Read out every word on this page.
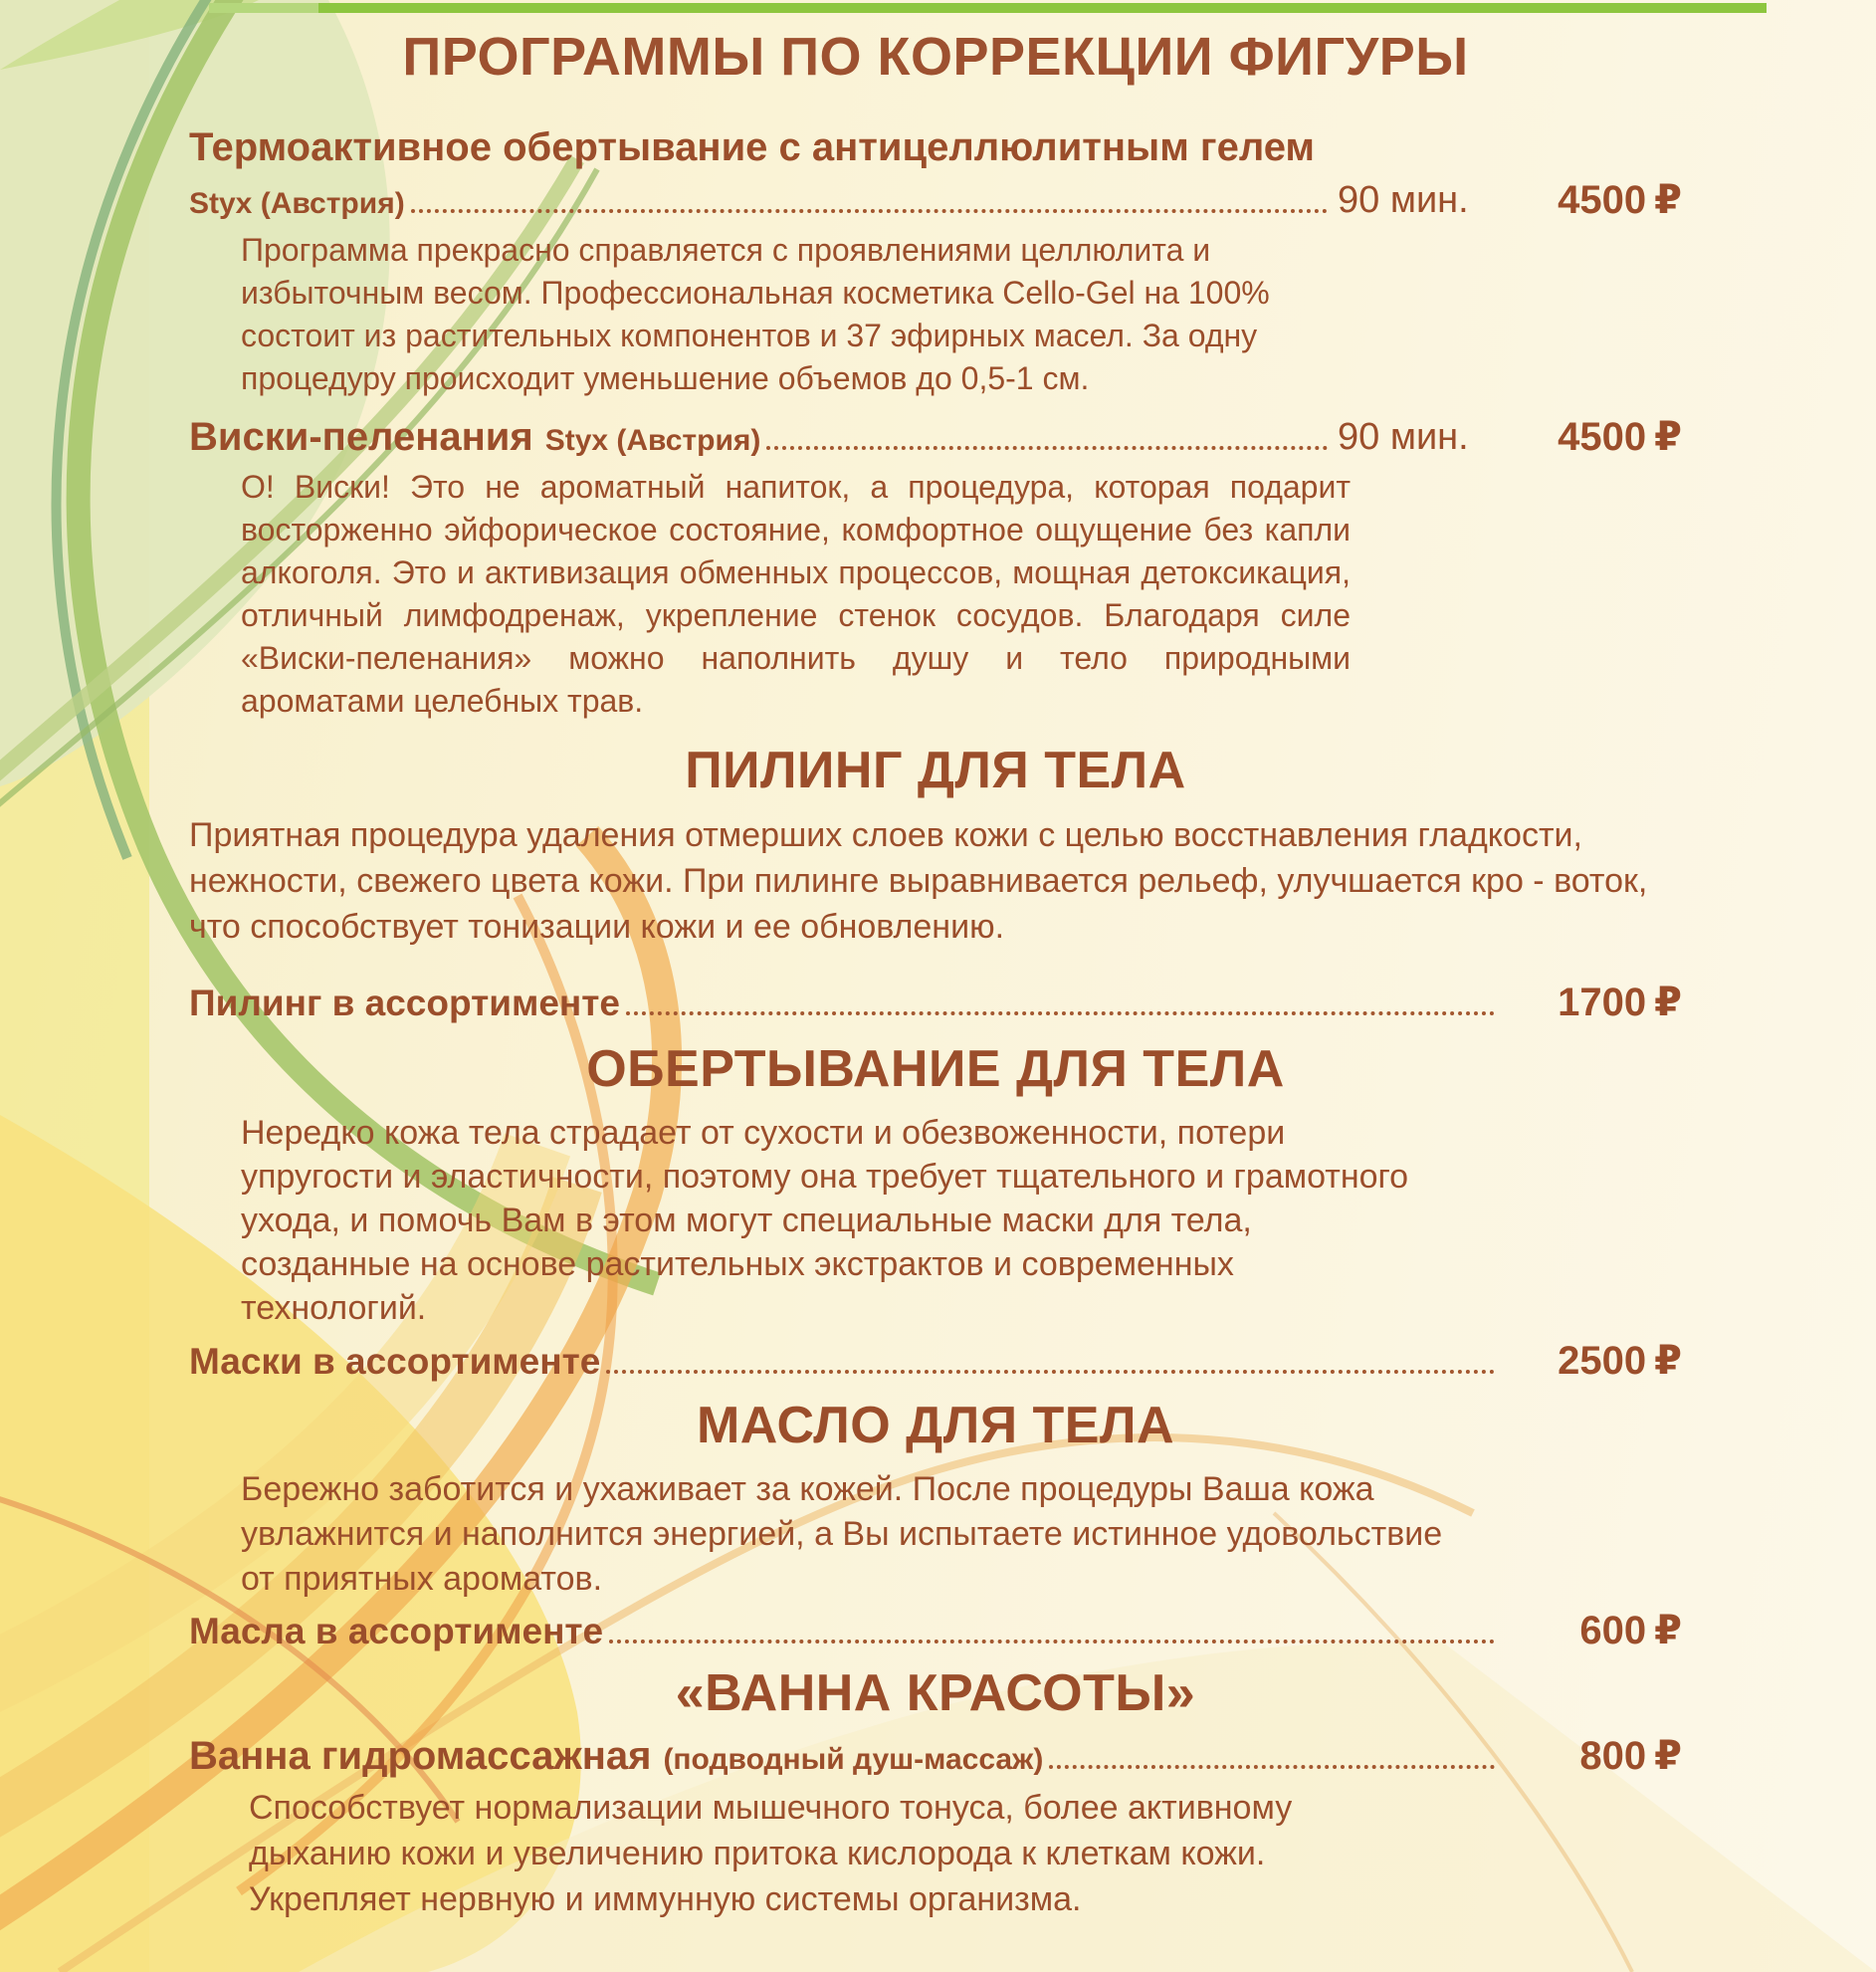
ПРОГРАММЫ ПО КОРРЕКЦИИ ФИГУРЫ
Термоактивное обертывание с антицеллюлитным гелем
Styx (Австрия)	90 мин.	4500 ₽
Программа прекрасно справляется с проявлениями целлюлита и избыточным весом. Профессиональная косметика Cello-Gel на 100% состоит из растительных компонентов и 37 эфирных масел. За одну процедуру происходит уменьшение объемов до 0,5-1 см.
Виски-пеленания Styx (Австрия)	90 мин.	4500 ₽
О! Виски! Это не ароматный напиток, а процедура, которая подарит восторженно эйфорическое состояние, комфортное ощущение без капли алкоголя. Это и активизация обменных процессов, мощная детоксикация, отличный лимфодренаж, укрепление стенок сосудов. Благодаря силе «Виски-пеленания» можно наполнить душу и тело природными ароматами целебных трав.
ПИЛИНГ ДЛЯ ТЕЛА
Приятная процедура удаления отмерших слоев кожи с целью восстнавления гладкости, нежности, свежего цвета кожи. При пилинге выравнивается рельеф, улучшается кро - воток, что способствует тонизации кожи и ее обновлению.
Пилинг в ассортименте	1700 ₽
ОБЕРТЫВАНИЕ ДЛЯ ТЕЛА
Нередко кожа тела страдает от сухости и обезвоженности, потери упругости и эластичности, поэтому она требует тщательного и грамотного ухода, и помочь Вам в этом могут специальные маски для тела, созданные на основе растительных экстрактов и современных технологий.
Маски в ассортименте	2500 ₽
МАСЛО ДЛЯ ТЕЛА
Бережно заботится и ухаживает за кожей. После процедуры Ваша кожа увлажнится и наполнится энергией, а Вы испытаете истинное удовольствие от приятных ароматов.
Масла в ассортименте	600 ₽
«ВАННА КРАСОТЫ»
Ванна гидромассажная (подводный душ-массаж)	800 ₽
Способствует нормализации мышечного тонуса, более активному дыханию кожи и увеличению притока кислорода к клеткам кожи. Укрепляет нервную и иммунную системы организма.
